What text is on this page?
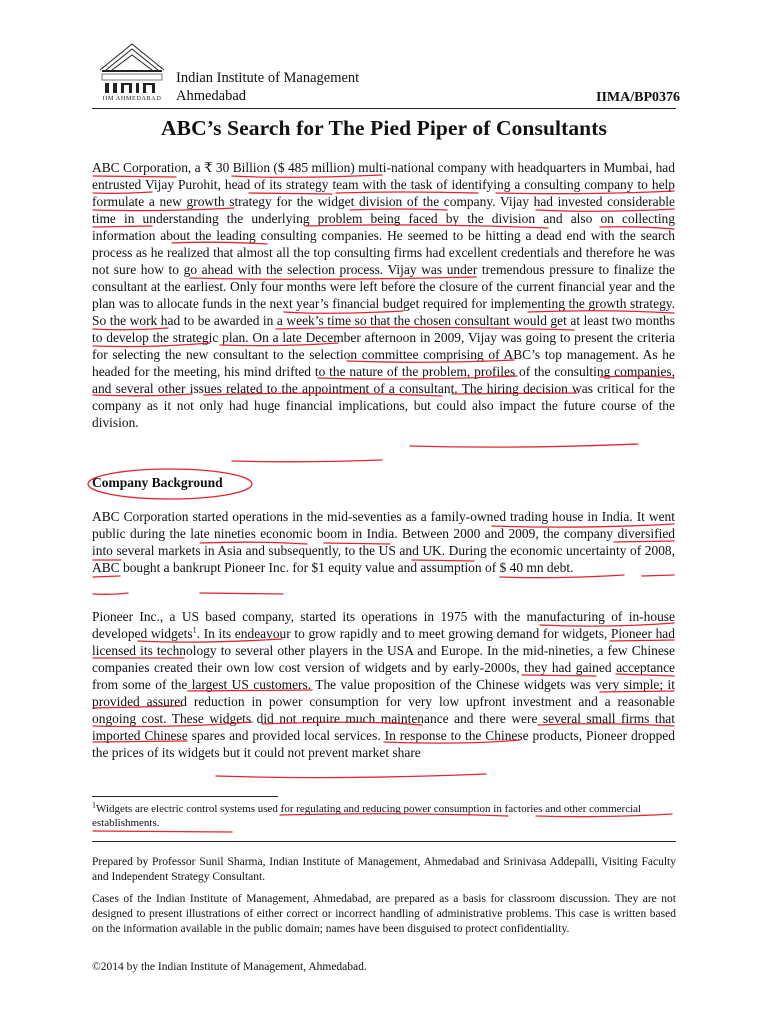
IIM AHMEDABAD
Indian Institute of Management
Ahmedabad	IIMA/BP0376
ABC’s Search for The Pied Piper of Consultants

ABC Corporation, a ₹ 30 Billion ($ 485 million) multi-national company with headquarters in Mumbai, had entrusted Vijay Purohit, head of its strategy team with the task of identifying a consulting company to help formulate a new growth strategy for the widget division of the company. Vijay had invested considerable time in understanding the underlying problem being faced by the division and also on collecting information about the leading consulting companies. He seemed to be hitting a dead end with the search process as he realized that almost all the top consulting firms had excellent credentials and therefore he was not sure how to go ahead with the selection process. Vijay was under tremendous pressure to finalize the consultant at the earliest. Only four months were left before the closure of the current financial year and the plan was to allocate funds in the next year’s financial budget required for implementing the growth strategy. So the work had to be awarded in a week’s time so that the chosen consultant would get at least two months to develop the strategic plan. On a late December afternoon in 2009, Vijay was going to present the criteria for selecting the new consultant to the selection committee comprising of ABC’s top management. As he headed for the meeting, his mind drifted to the nature of the problem, profiles of the consulting companies, and several other issues related to the appointment of a consultant. The hiring decision was critical for the company as it not only had huge financial implications, but could also impact the future course of the division.

Company Background

ABC Corporation started operations in the mid-seventies as a family-owned trading house in India. It went public during the late nineties economic boom in India. Between 2000 and 2009, the company diversified into several markets in Asia and subsequently, to the US and UK. During the economic uncertainty of 2008, ABC bought a bankrupt Pioneer Inc. for $1 equity value and assumption of $ 40 mn debt.

Pioneer Inc., a US based company, started its operations in 1975 with the manufacturing of in-house developed widgets$^1$. In its endeavour to grow rapidly and to meet growing demand for widgets, Pioneer had licensed its technology to several other players in the USA and Europe. In the mid-nineties, a few Chinese companies created their own low cost version of widgets and by early-2000s, they had gained acceptance from some of the largest US customers. The value proposition of the Chinese widgets was very simple; it provided assured reduction in power consumption for very low upfront investment and a reasonable ongoing cost. These widgets did not require much maintenance and there were several small firms that imported Chinese spares and provided local services. In response to the Chinese products, Pioneer dropped the prices of its widgets but it could not prevent market share

$^1$Widgets are electric control systems used for regulating and reducing power consumption in factories and other commercial establishments.
Prepared by Professor Sunil Sharma, Indian Institute of Management, Ahmedabad and Srinivasa Addepalli, Visiting Faculty and Independent Strategy Consultant.
Cases of the Indian Institute of Management, Ahmedabad, are prepared as a basis for classroom discussion. They are not designed to present illustrations of either correct or incorrect handling of administrative problems. This case is written based on the information available in the public domain; names have been disguised to protect confidentiality.
©2014 by the Indian Institute of Management, Ahmedabad.
